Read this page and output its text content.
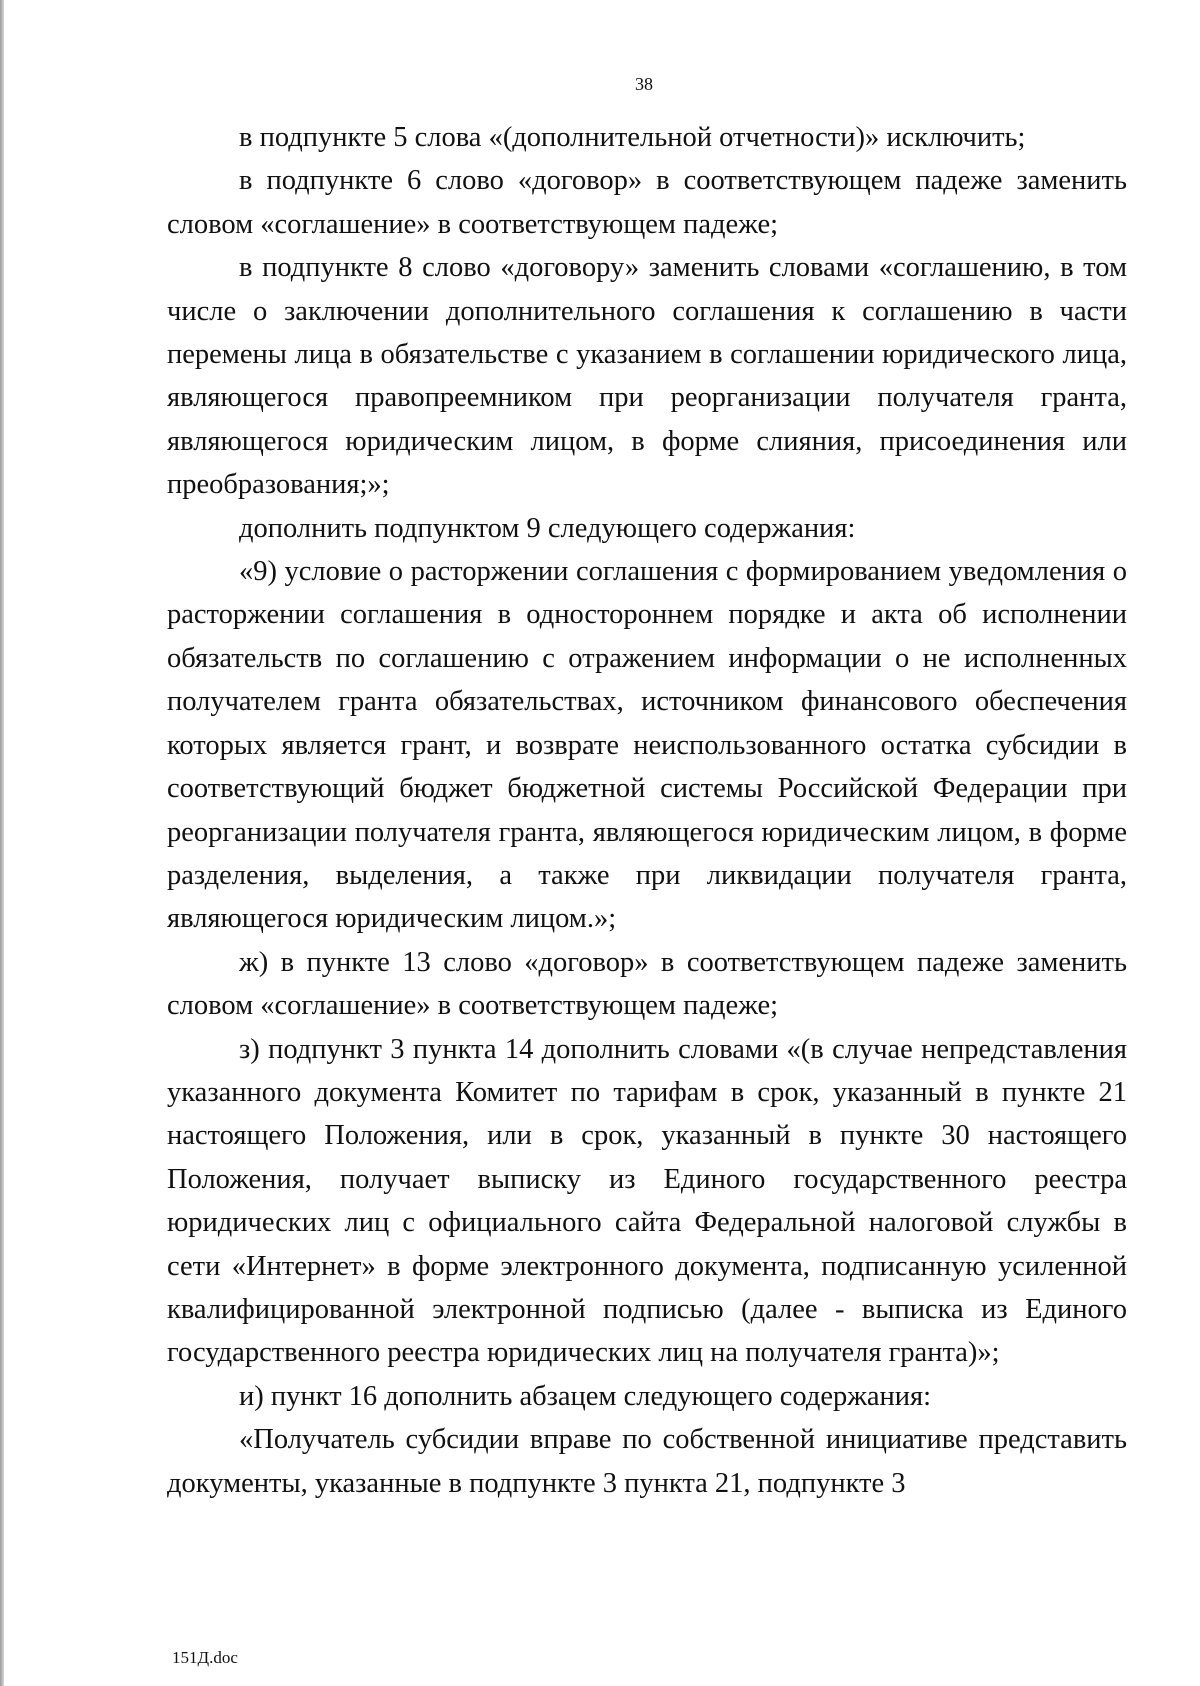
38

в подпункте 5 слова «(дополнительной отчетности)» исключить;

в подпункте 6 слово «договор» в соответствующем падеже заменить словом «соглашение» в соответствующем падеже;

в подпункте 8 слово «договору» заменить словами «соглашению, в том числе о заключении дополнительного соглашения к соглашению в части перемены лица в обязательстве с указанием в соглашении юридического лица, являющегося правопреемником при реорганизации получателя гранта, являющегося юридическим лицом, в форме слияния, присоединения или преобразования;»;

дополнить подпунктом 9 следующего содержания:

«9) условие о расторжении соглашения с формированием уведомления о расторжении соглашения в одностороннем порядке и акта об исполнении обязательств по соглашению с отражением информации о не исполненных получателем гранта обязательствах, источником финансового обеспечения которых является грант, и возврате неиспользованного остатка субсидии в соответствующий бюджет бюджетной системы Российской Федерации при реорганизации получателя гранта, являющегося юридическим лицом, в форме разделения, выделения, а также при ликвидации получателя гранта, являющегося юридическим лицом.»;

ж) в пункте 13 слово «договор» в соответствующем падеже заменить словом «соглашение» в соответствующем падеже;

з) подпункт 3 пункта 14 дополнить словами «(в случае непредставления указанного документа Комитет по тарифам в срок, указанный в пункте 21 настоящего Положения, или в срок, указанный в пункте 30 настоящего Положения, получает выписку из Единого государственного реестра юридических лиц с официального сайта Федеральной налоговой службы в сети «Интернет» в форме электронного документа, подписанную усиленной квалифицированной электронной подписью (далее - выписка из Единого государственного реестра юридических лиц на получателя гранта)»;

и) пункт 16 дополнить абзацем следующего содержания:

«Получатель субсидии вправе по собственной инициативе представить документы, указанные в подпункте 3 пункта 21, подпункте 3

151Д.doc
